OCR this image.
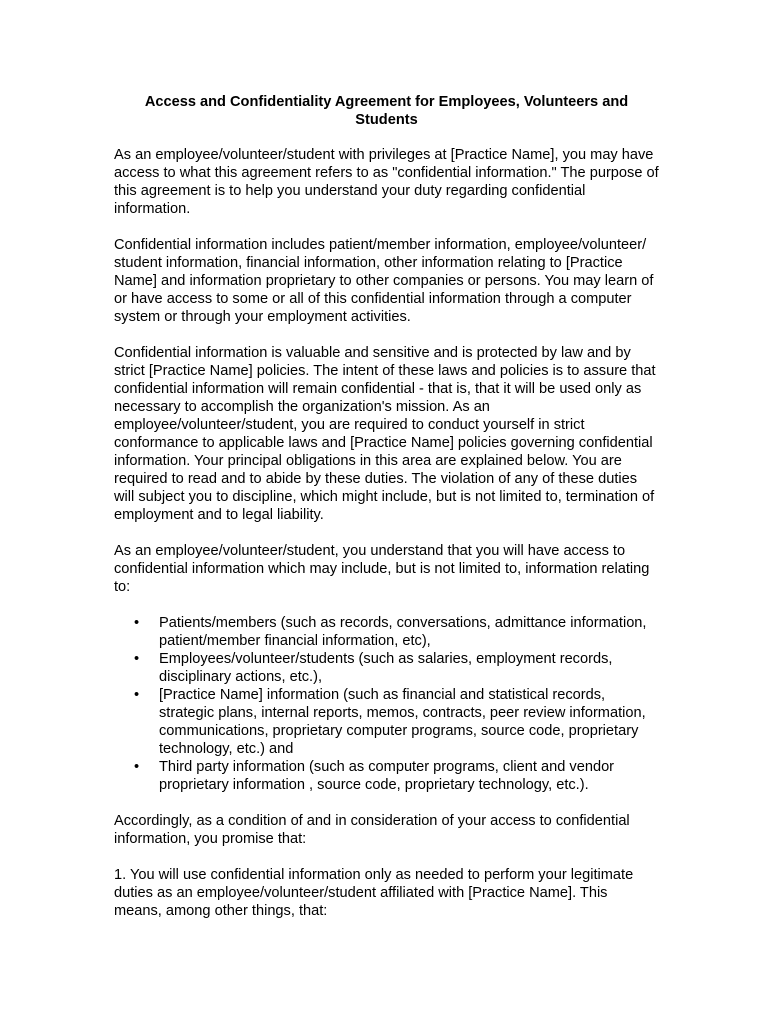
Access and Confidentiality Agreement for Employees, Volunteers and Students

As an employee/volunteer/student with privileges at [Practice Name], you may have access to what this agreement refers to as "confidential information." The purpose of this agreement is to help you understand your duty regarding confidential information.

Confidential information includes patient/member information, employee/volunteer/ student information, financial information, other information relating to [Practice Name] and information proprietary to other companies or persons. You may learn of or have access to some or all of this confidential information through a computer system or through your employment activities.

Confidential information is valuable and sensitive and is protected by law and by strict [Practice Name] policies. The intent of these laws and policies is to assure that confidential information will remain confidential - that is, that it will be used only as necessary to accomplish the organization's mission. As an employee/volunteer/student, you are required to conduct yourself in strict conformance to applicable laws and [Practice Name] policies governing confidential information. Your principal obligations in this area are explained below. You are required to read and to abide by these duties. The violation of any of these duties will subject you to discipline, which might include, but is not limited to, termination of employment and to legal liability.

As an employee/volunteer/student, you understand that you will have access to confidential information which may include, but is not limited to, information relating to:

• Patients/members (such as records, conversations, admittance information, patient/member financial information, etc),
• Employees/volunteer/students (such as salaries, employment records, disciplinary actions, etc.),
• [Practice Name] information (such as financial and statistical records, strategic plans, internal reports, memos, contracts, peer review information, communications, proprietary computer programs, source code, proprietary technology, etc.) and
• Third party information (such as computer programs, client and vendor proprietary information , source code, proprietary technology, etc.).

Accordingly, as a condition of and in consideration of your access to confidential information, you promise that:

1. You will use confidential information only as needed to perform your legitimate duties as an employee/volunteer/student affiliated with [Practice Name]. This means, among other things, that:
